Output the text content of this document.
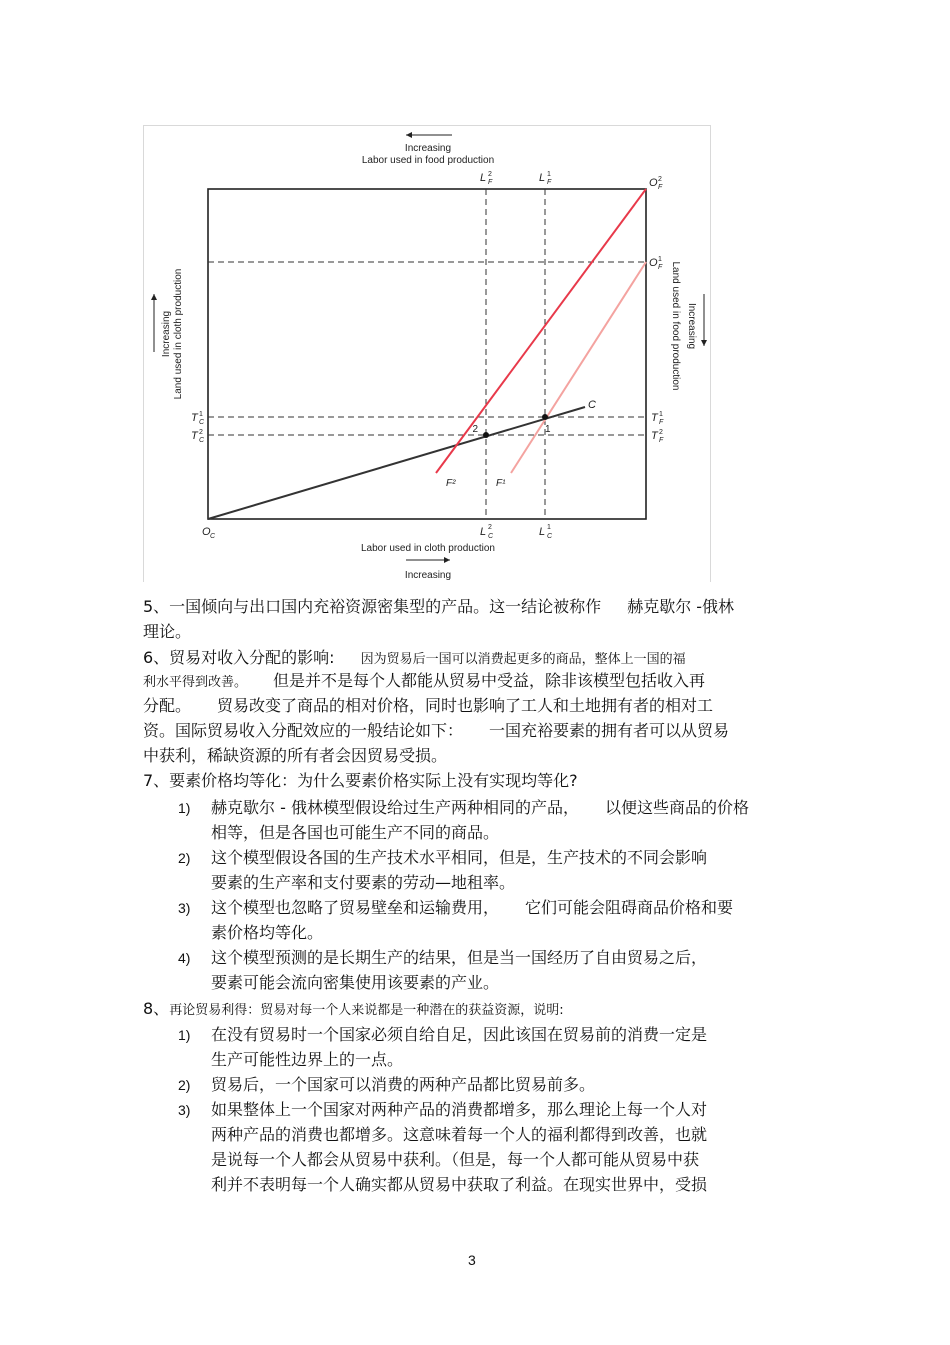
Increasing
Labor used in food production
2	1
C
F²	F¹
L F
2	L F
1
O F
2
O F
1
T C
1
T C
2
T F
1
T F
2
O C	L C
2	L C
1
Labor used in cloth production
Increasing
Increasing Land used in cloth production	Land used in food production Increasing
5、一国倾向与出口国内充裕资源密集型的产品。这一结论被称作 赫克歇尔 -俄林
理论。
6、贸易对收入分配的影响: 因为贸易后一国可以消费起更多的商品，整体上一国的福
利水平得到改善。 但是并不是每个人都能从贸易中受益，除非该模型包括收入再
分配。 贸易改变了商品的相对价格，同时也影响了工人和土地拥有者的相对工
资。国际贸易收入分配效应的一般结论如下： 一国充裕要素的拥有者可以从贸易
中获利，稀缺资源的所有者会因贸易受损。
7、要素价格均等化：为什么要素价格实际上没有实现均等化?
1) 赫克歇尔 - 俄林模型假设给过生产两种相同的产品， 以便这些商品的价格
相等，但是各国也可能生产不同的商品。
2) 这个模型假设各国的生产技术水平相同，但是，生产技术的不同会影响
要素的生产率和支付要素的劳动—地租率。
3) 这个模型也忽略了贸易壁垒和运输费用， 它们可能会阻碍商品价格和要
素价格均等化。
4) 这个模型预测的是长期生产的结果，但是当一国经历了自由贸易之后，
要素可能会流向密集使用该要素的产业。
8、再论贸易利得：贸易对每一个人来说都是一种潜在的获益资源，说明:
1) 在没有贸易时一个国家必须自给自足，因此该国在贸易前的消费一定是
生产可能性边界上的一点。
2) 贸易后，一个国家可以消费的两种产品都比贸易前多。
3) 如果整体上一个国家对两种产品的消费都增多，那么理论上每一个人对
两种产品的消费也都增多。这意味着每一个人的福利都得到改善，也就
是说每一个人都会从贸易中获利。（但是，每一个人都可能从贸易中获
利并不表明每一个人确实都从贸易中获取了利益。在现实世界中，受损
3
